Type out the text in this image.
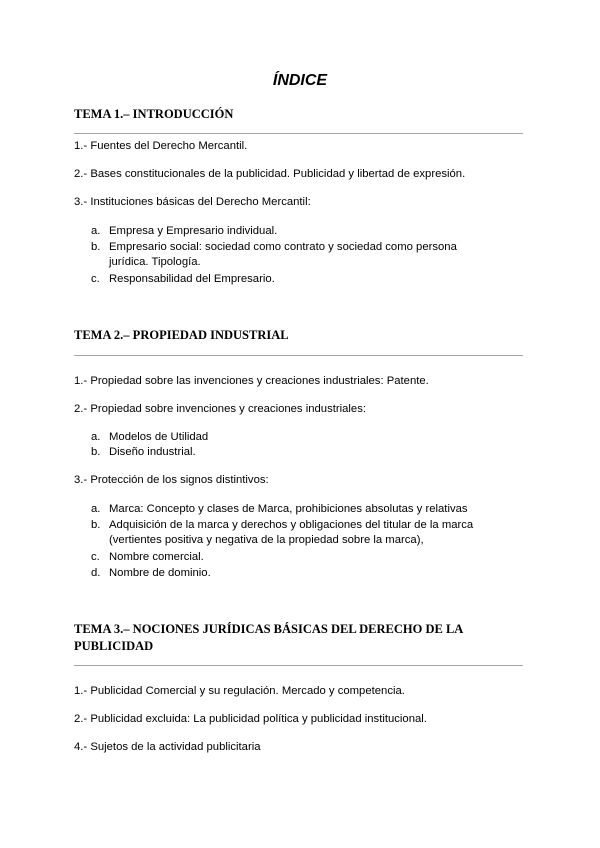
ÍNDICE
TEMA 1.– INTRODUCCIÓN
1.- Fuentes del Derecho Mercantil.
2.- Bases constitucionales de la publicidad. Publicidad y libertad de expresión.
3.- Instituciones básicas del Derecho Mercantil:
a. Empresa y Empresario individual.
b. Empresario social: sociedad como contrato y sociedad como persona jurídica. Tipología.
c. Responsabilidad del Empresario.
TEMA 2.– PROPIEDAD INDUSTRIAL
1.- Propiedad sobre las invenciones y creaciones industriales: Patente.
2.- Propiedad sobre invenciones y creaciones industriales:
a. Modelos de Utilidad
b. Diseño industrial.
3.- Protección de los signos distintivos:
a. Marca: Concepto y clases de Marca, prohibiciones absolutas y relativas
b. Adquisición de la marca y derechos y obligaciones del titular de la marca (vertientes positiva y negativa de la propiedad sobre la marca),
c. Nombre comercial.
d. Nombre de dominio.
TEMA 3.– NOCIONES JURÍDICAS BÁSICAS DEL DERECHO DE LA PUBLICIDAD
1.- Publicidad Comercial y su regulación. Mercado y competencia.
2.- Publicidad excluida: La publicidad política y publicidad institucional.
4.- Sujetos de la actividad publicitaria
